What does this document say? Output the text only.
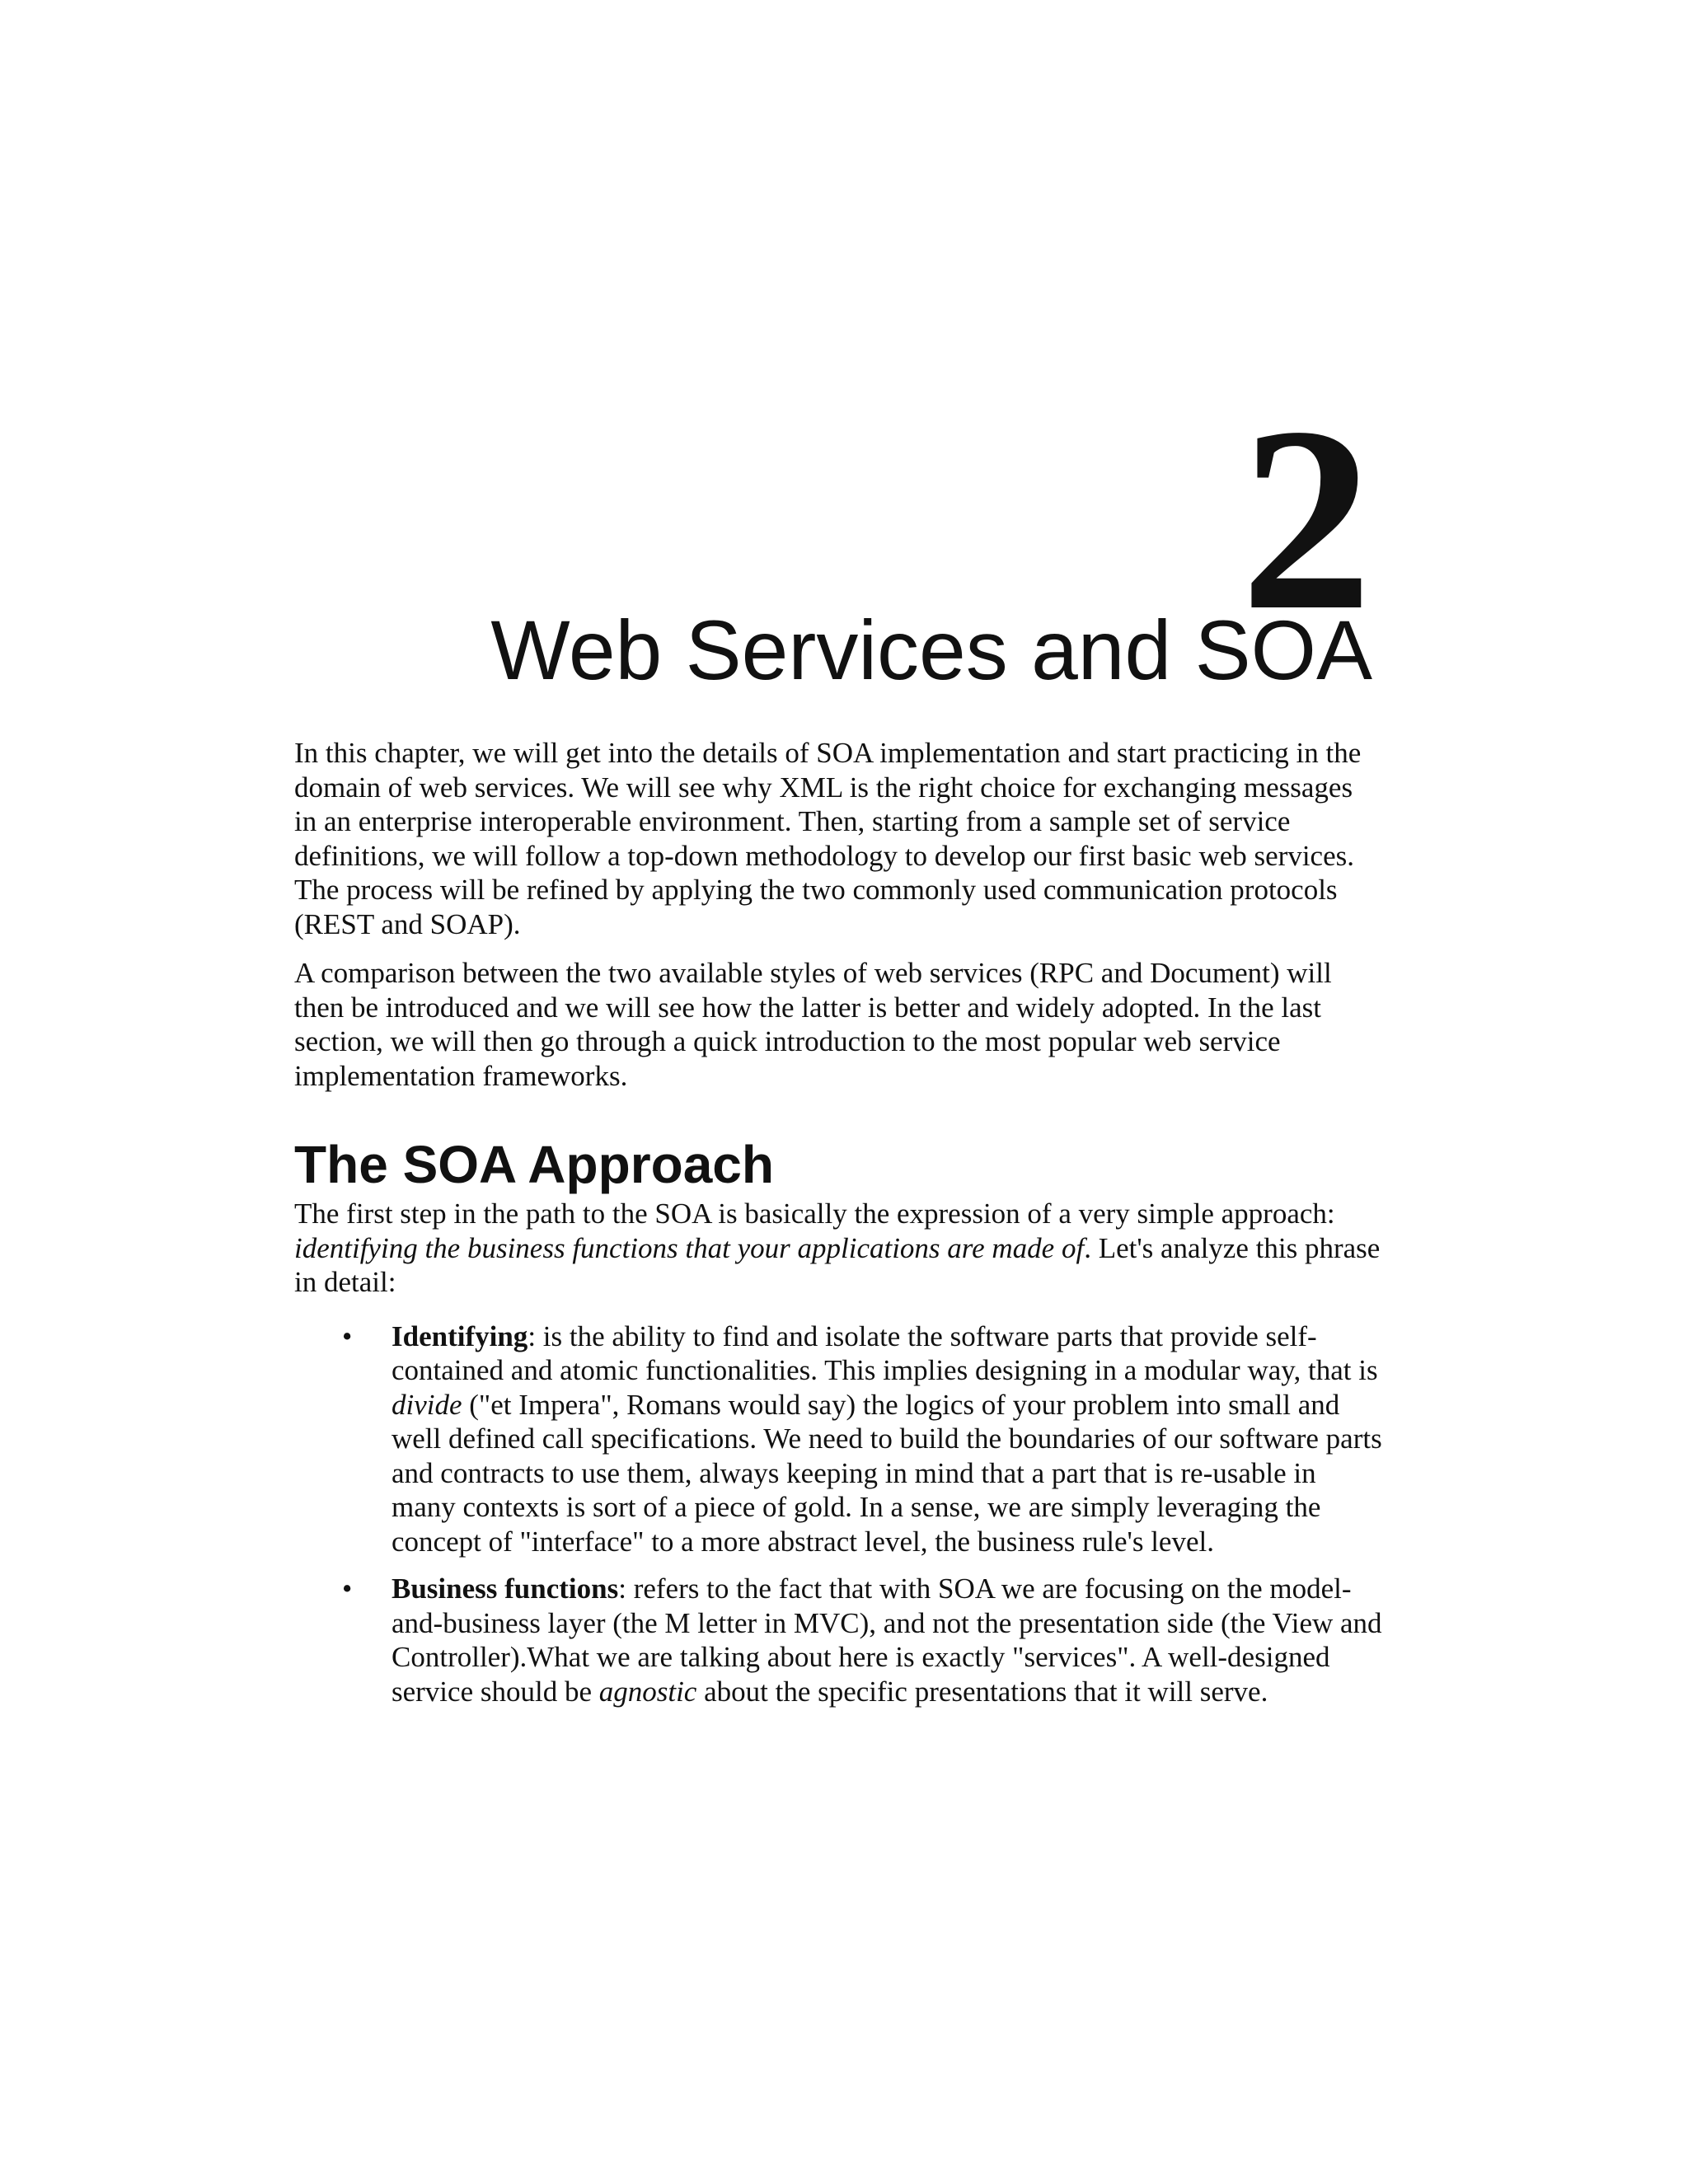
2
Web Services and SOA

In this chapter, we will get into the details of SOA implementation and start practicing in the domain of web services. We will see why XML is the right choice for exchanging messages in an enterprise interoperable environment. Then, starting from a sample set of service definitions, we will follow a top-down methodology to develop our first basic web services. The process will be refined by applying the two commonly used communication protocols (REST and SOAP).

A comparison between the two available styles of web services (RPC and Document) will then be introduced and we will see how the latter is better and widely adopted. In the last section, we will then go through a quick introduction to the most popular web service implementation frameworks.

The SOA Approach

The first step in the path to the SOA is basically the expression of a very simple approach: identifying the business functions that your applications are made of. Let's analyze this phrase in detail:

• Identifying: is the ability to find and isolate the software parts that provide self-contained and atomic functionalities. This implies designing in a modular way, that is divide ("et Impera", Romans would say) the logics of your problem into small and well defined call specifications. We need to build the boundaries of our software parts and contracts to use them, always keeping in mind that a part that is re-usable in many contexts is sort of a piece of gold. In a sense, we are simply leveraging the concept of "interface" to a more abstract level, the business rule's level.
• Business functions: refers to the fact that with SOA we are focusing on the model-and-business layer (the M letter in MVC), and not the presentation side (the View and Controller).What we are talking about here is exactly "services". A well-designed service should be agnostic about the specific presentations that it will serve.
